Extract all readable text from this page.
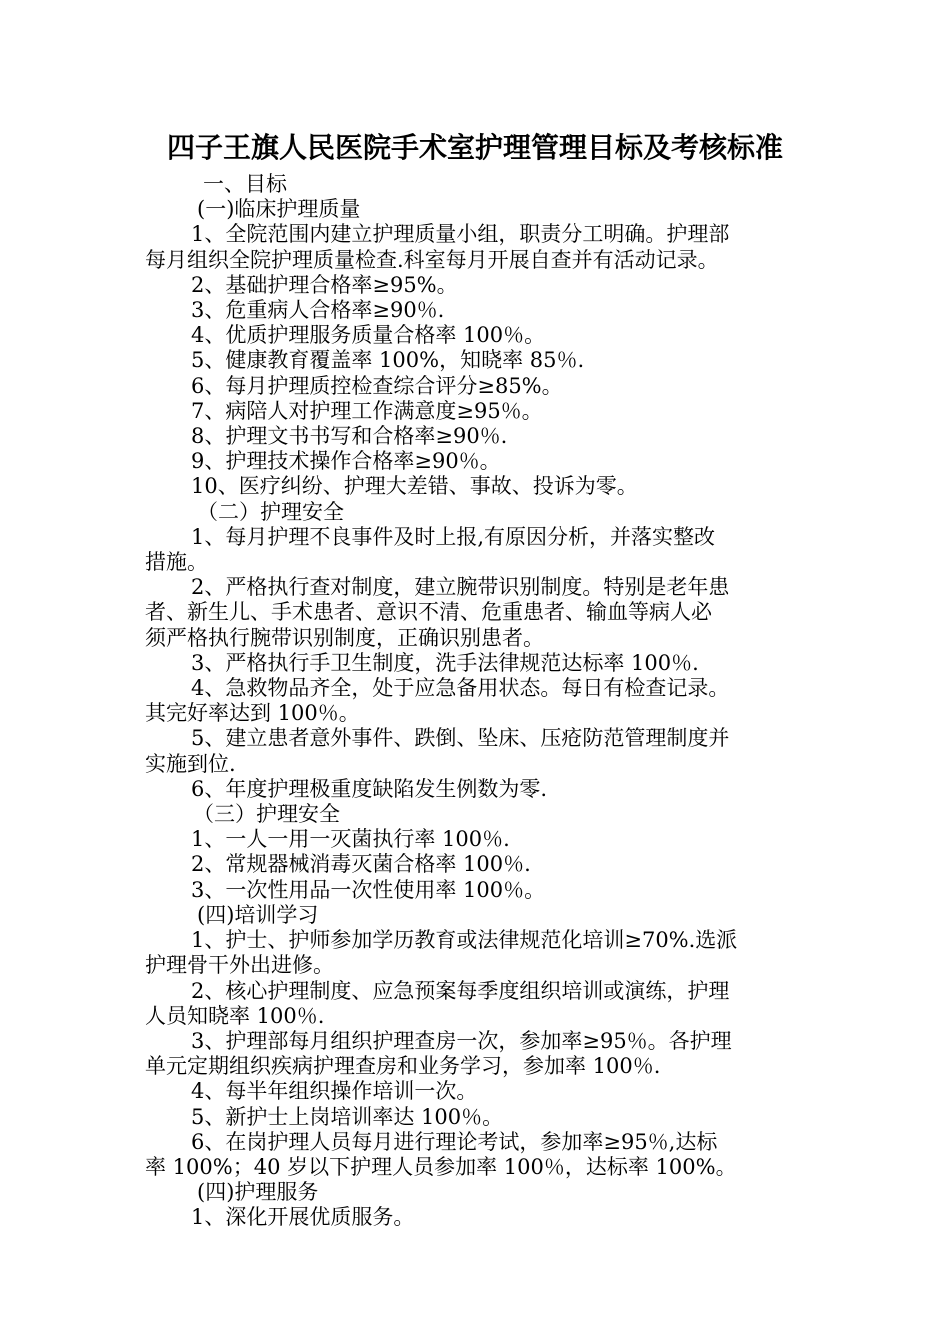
四子王旗人民医院手术室护理管理目标及考核标准
一、目标
(一)临床护理质量
1、全院范围内建立护理质量小组，职责分工明确。护理部
每月组织全院护理质量检查.科室每月开展自查并有活动记录。
2、基础护理合格率≥95%。
3、危重病人合格率≥90％.
4、优质护理服务质量合格率 100％。
5、健康教育覆盖率 100%，知晓率 85％.
6、每月护理质控检查综合评分≥85%。
7、病陪人对护理工作满意度≥95％。
8、护理文书书写和合格率≥90％.
9、护理技术操作合格率≥90％。
10、医疗纠纷、护理大差错、事故、投诉为零。
（二）护理安全
1、每月护理不良事件及时上报,有原因分析，并落实整改
措施。
2、严格执行查对制度，建立腕带识别制度。特别是老年患
者、新生儿、手术患者、意识不清、危重患者、输血等病人必
须严格执行腕带识别制度，正确识别患者。
3、严格执行手卫生制度，洗手法律规范达标率 100％.
4、急救物品齐全，处于应急备用状态。每日有检查记录。
其完好率达到 100％。
5、建立患者意外事件、跌倒、坠床、压疮防范管理制度并
实施到位.
6、年度护理极重度缺陷发生例数为零.
（三）护理安全
1、一人一用一灭菌执行率 100％.
2、常规器械消毒灭菌合格率 100％.
3、一次性用品一次性使用率 100％。
(四)培训学习
1、护士、护师参加学历教育或法律规范化培训≥70%.选派
护理骨干外出进修。
2、核心护理制度、应急预案每季度组织培训或演练，护理
人员知晓率 100％.
3、护理部每月组织护理查房一次，参加率≥95％。各护理
单元定期组织疾病护理查房和业务学习，参加率 100％.
4、每半年组织操作培训一次。
5、新护士上岗培训率达 100％。
6、在岗护理人员每月进行理论考试，参加率≥95％,达标
率 100%；40 岁以下护理人员参加率 100％，达标率 100%。
(四)护理服务
1、深化开展优质服务。
